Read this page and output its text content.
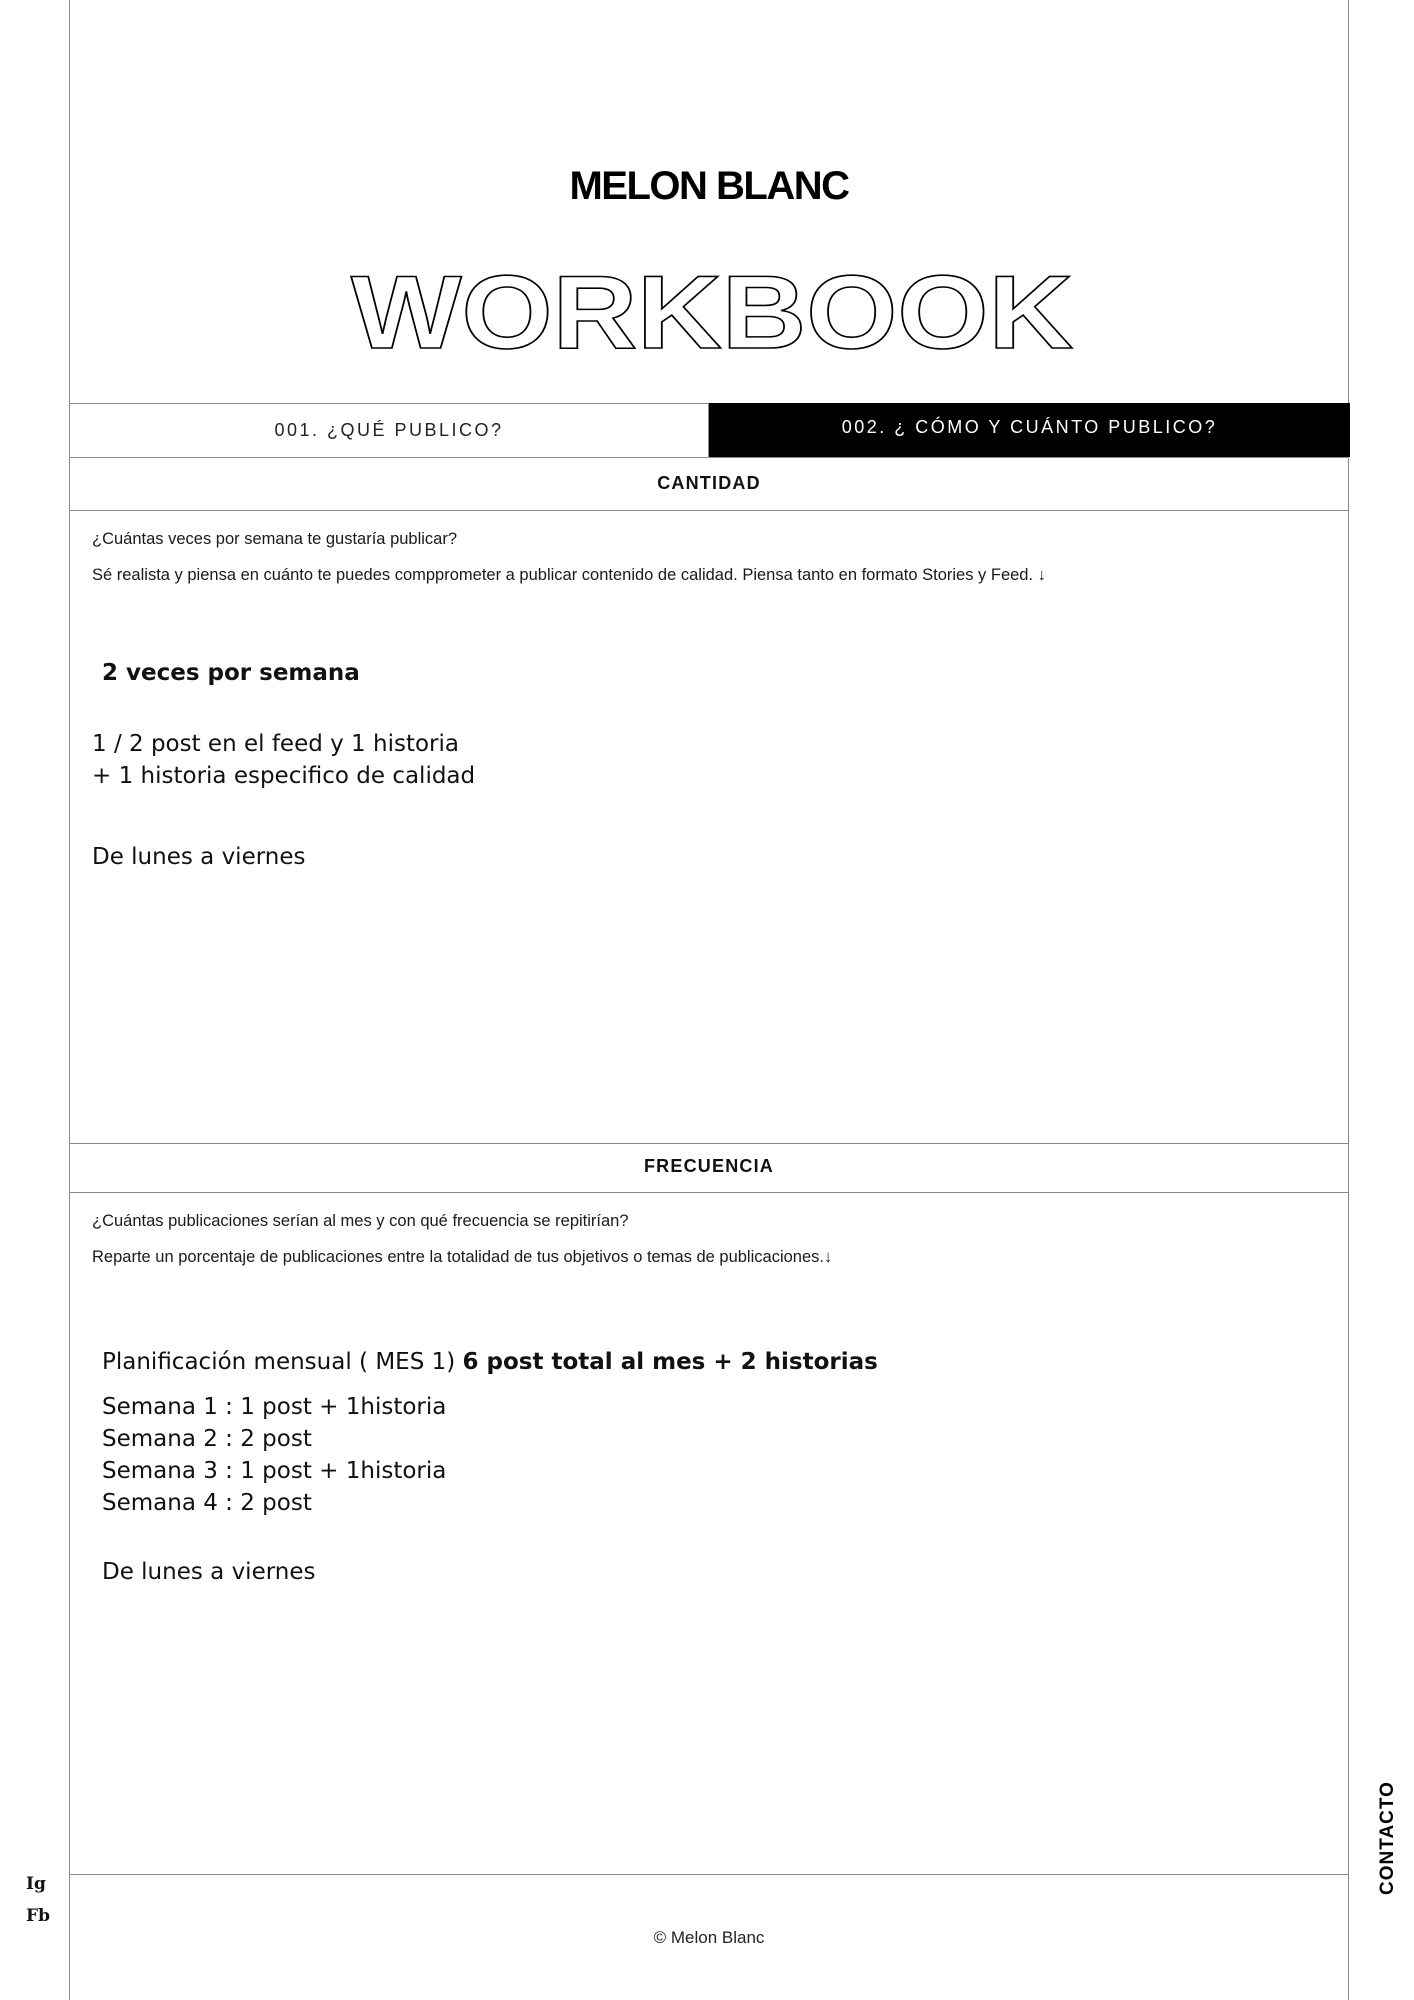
MELON BLANC
WORKBOOK
001. ¿QUÉ PUBLICO?	002. ¿ CÓMO Y CUÁNTO PUBLICO?
CANTIDAD
¿Cuántas veces por semana te gustaría publicar?
Sé realista y piensa en cuánto te puedes compprometer a publicar contenido de calidad. Piensa tanto en formato Stories y Feed. ↓
2 veces por semana
1 / 2 post en el feed y 1 historia
+ 1 historia especifico de calidad
De lunes a viernes
FRECUENCIA
¿Cuántas publicaciones serían al mes y con qué frecuencia se repitirían?
Reparte un porcentaje de publicaciones entre la totalidad de tus objetivos o temas de publicaciones.↓
Planificación mensual ( MES 1) 6 post total al mes + 2 historias
Semana 1 : 1 post + 1historia
Semana 2 : 2 post
Semana 3 : 1 post + 1historia
Semana 4 : 2 post
De lunes a viernes
© Melon Blanc
Ig
Fb
CONTACTO
